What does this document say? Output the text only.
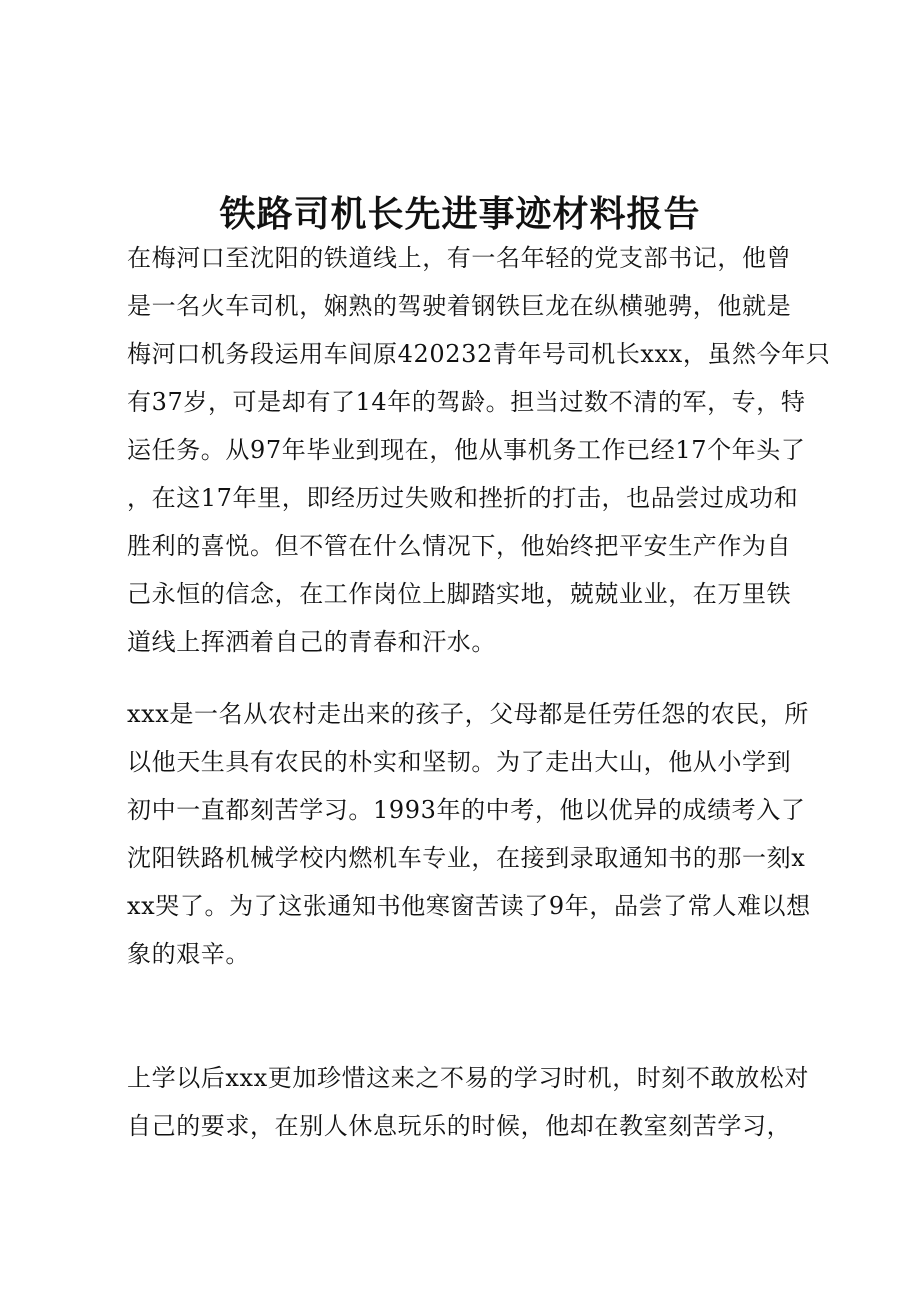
铁路司机长先进事迹材料报告
在梅河口至沈阳的铁道线上，有一名年轻的党支部书记，他曾
是一名火车司机，娴熟的驾驶着钢铁巨龙在纵横驰骋，他就是
梅河口机务段运用车间原420232青年号司机长xxx，虽然今年只
有37岁，可是却有了14年的驾龄。担当过数不清的军，专，特
运任务。从97年毕业到现在，他从事机务工作已经17个年头了
，在这17年里，即经历过失败和挫折的打击，也品尝过成功和
胜利的喜悦。但不管在什么情况下，他始终把平安生产作为自
己永恒的信念，在工作岗位上脚踏实地，兢兢业业，在万里铁
道线上挥洒着自己的青春和汗水。
xxx是一名从农村走出来的孩子，父母都是任劳任怨的农民，所
以他天生具有农民的朴实和坚韧。为了走出大山，他从小学到
初中一直都刻苦学习。1993年的中考，他以优异的成绩考入了
沈阳铁路机械学校内燃机车专业，在接到录取通知书的那一刻x
xx哭了。为了这张通知书他寒窗苦读了9年，品尝了常人难以想
象的艰辛。
上学以后xxx更加珍惜这来之不易的学习时机，时刻不敢放松对
自己的要求，在别人休息玩乐的时候，他却在教室刻苦学习，
